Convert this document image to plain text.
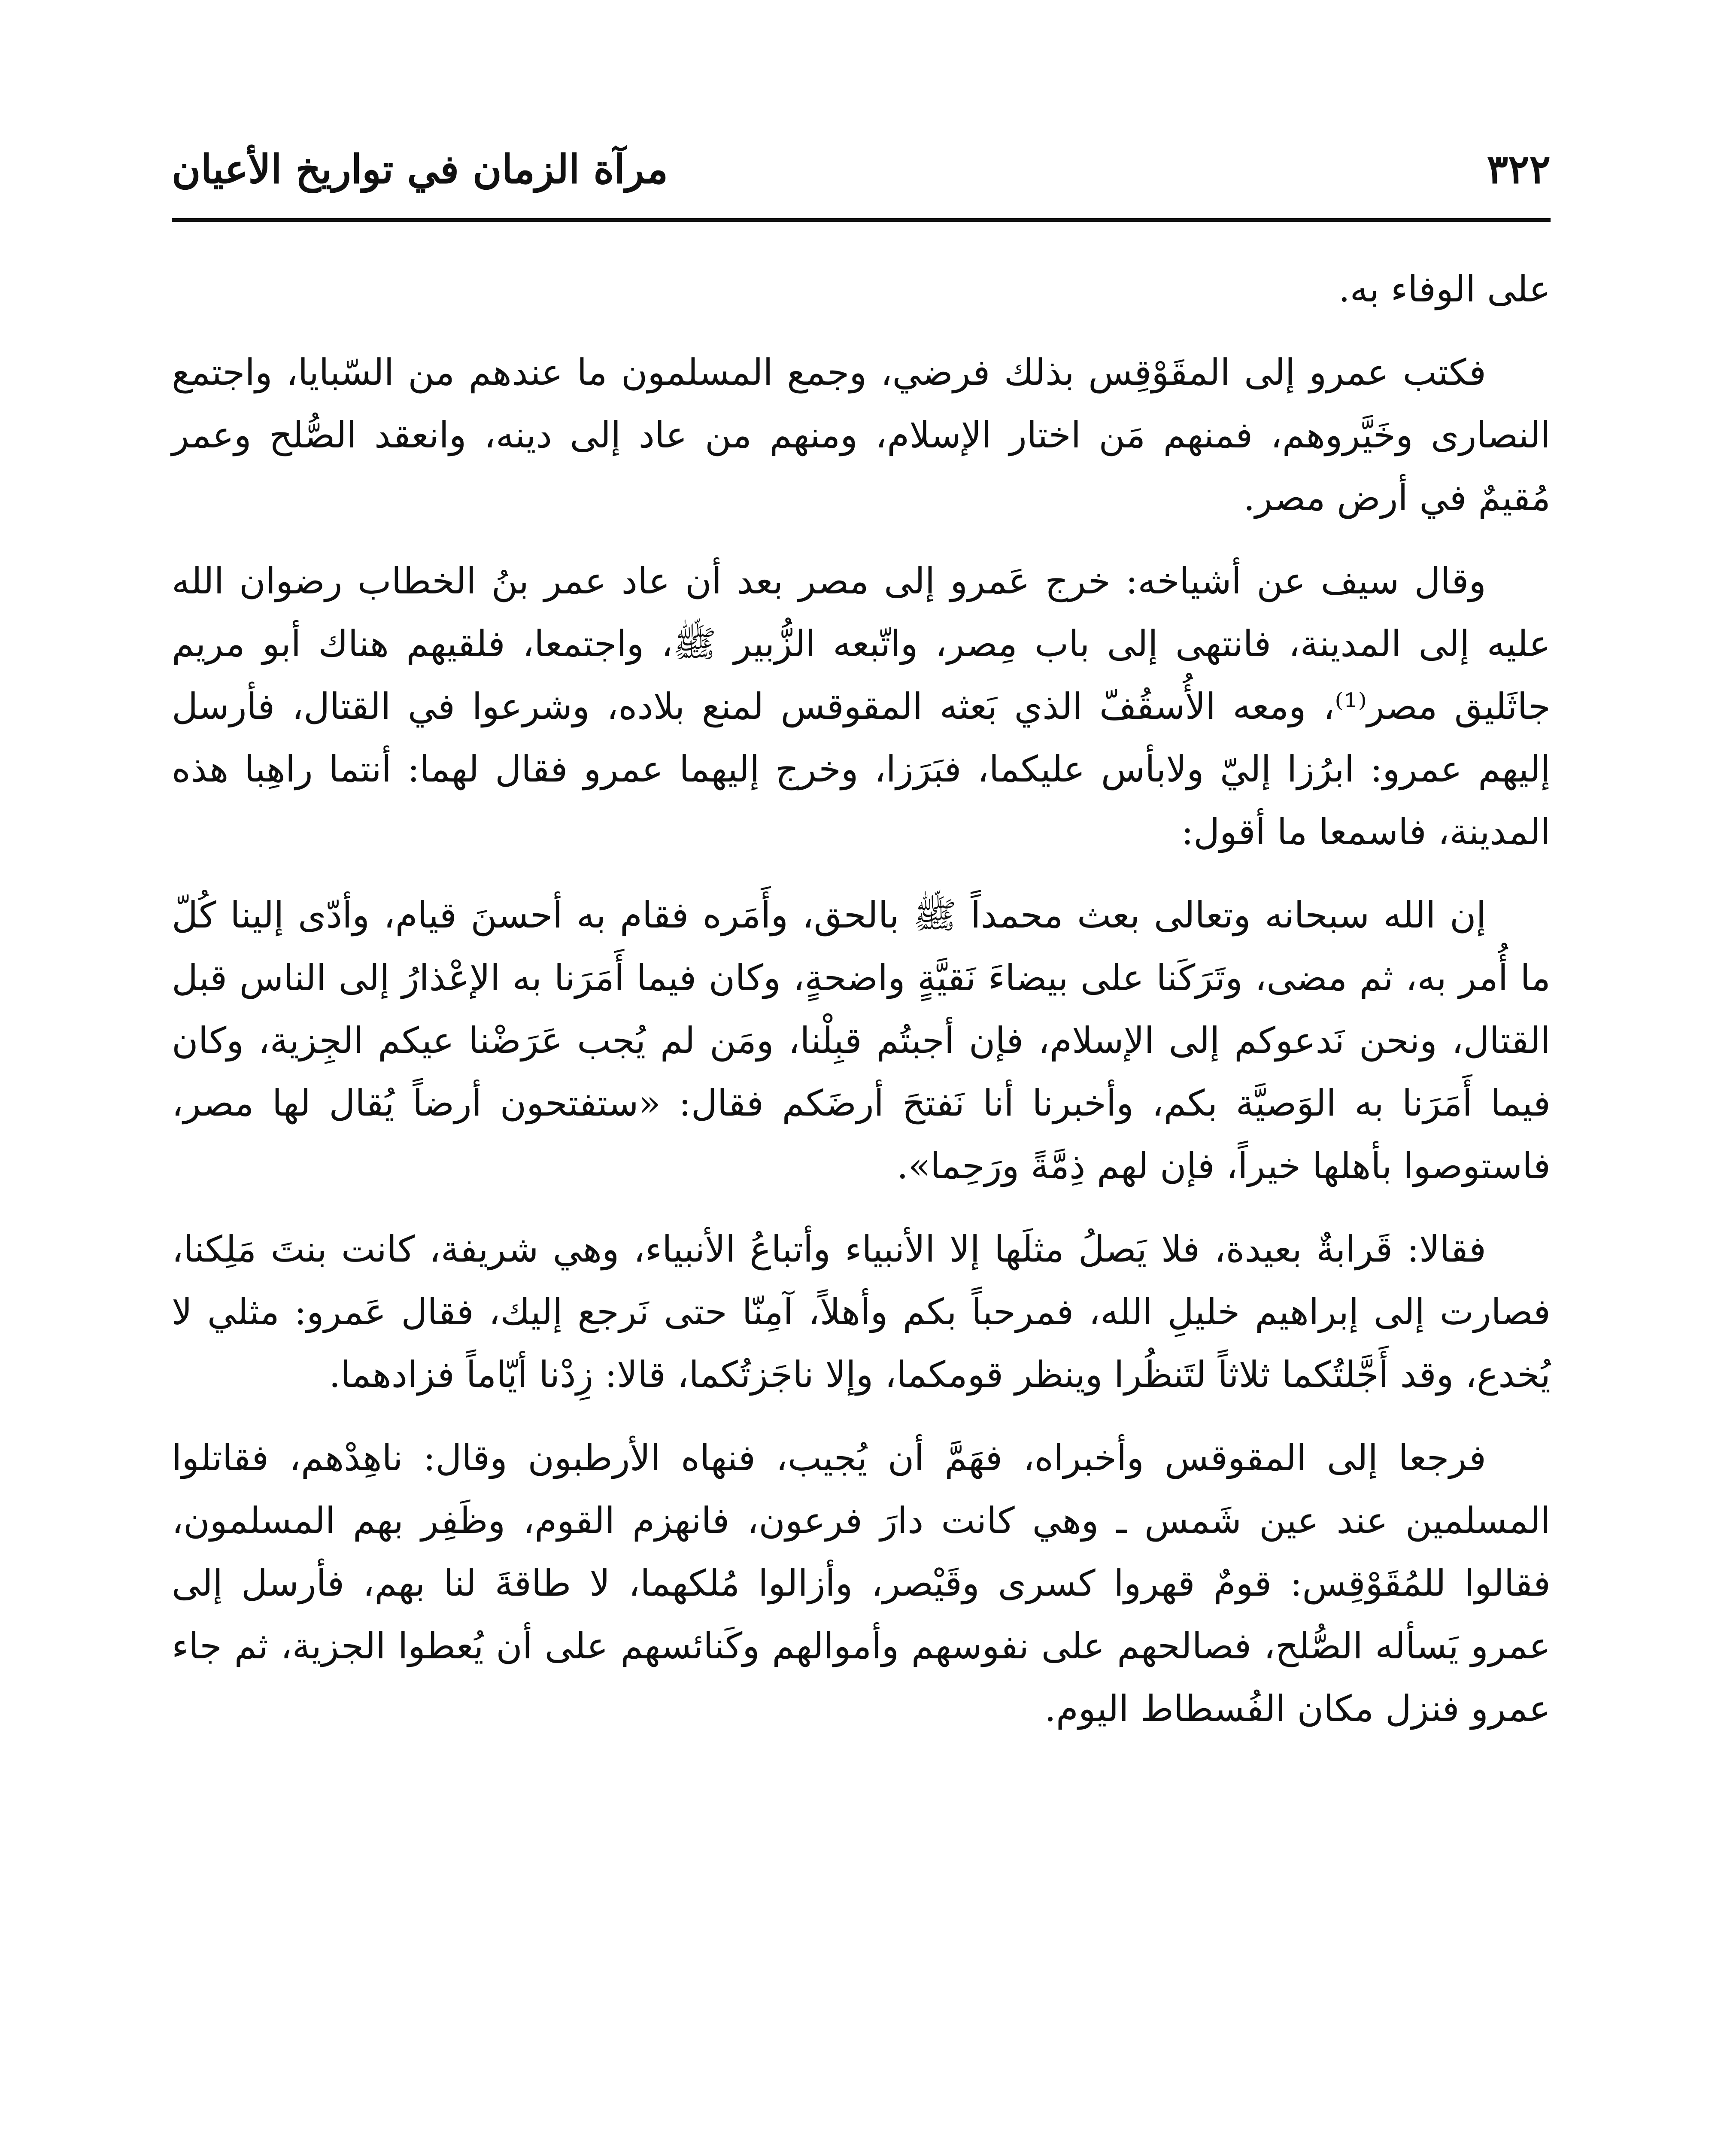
٣٢٢
مرآة الزمان في تواريخ الأعيان

على الوفاء به.

فكتب عمرو إلى المقَوْقِس بذلك فرضي، وجمع المسلمون ما عندهم من السّبايا، واجتمع النصارى وخَيَّروهم، فمنهم مَن اختار الإسلام، ومنهم من عاد إلى دينه، وانعقد الصُّلح وعمر مُقيمٌ في أرض مصر.

وقال سيف عن أشياخه: خرج عَمرو إلى مصر بعد أن عاد عمر بنُ الخطاب رضوان الله عليه إلى المدينة، فانتهى إلى باب مِصر، واتّبعه الزُّبير ﷺ، واجتمعا، فلقيهم هناك أبو مريم جاثَليق مصر⁽¹⁾، ومعه الأُسقُفّ الذي بَعثه المقوقس لمنع بلاده، وشرعوا في القتال، فأرسل إليهم عمرو: ابرُزا إليّ ولابأس عليكما، فبَرَزا، وخرج إليهما عمرو فقال لهما: أنتما راهِبا هذه المدينة، فاسمعا ما أقول:

إن الله سبحانه وتعالى بعث محمداً ﷺ بالحق، وأَمَره فقام به أحسنَ قيام، وأدّى إلينا كُلّ ما أُمر به، ثم مضى، وتَرَكَنا على بيضاءَ نَقيَّةٍ واضحةٍ، وكان فيما أَمَرَنا به الإعْذارُ إلى الناس قبل القتال، ونحن نَدعوكم إلى الإسلام، فإن أجبتُم قبِلْنا، ومَن لم يُجب عَرَضْنا عيكم الجِزية، وكان فيما أَمَرَنا به الوَصيَّة بكم، وأخبرنا أنا نَفتحَ أرضَكم فقال: «ستفتحون أرضاً يُقال لها مصر، فاستوصوا بأهلها خيراً، فإن لهم ذِمَّةً ورَحِما».

فقالا: قَرابةٌ بعيدة، فلا يَصلُ مثلَها إلا الأنبياء وأتباعُ الأنبياء، وهي شريفة، كانت بنتَ مَلِكنا، فصارت إلى إبراهيم خليلِ الله، فمرحباً بكم وأهلاً، آمِنّا حتى نَرجع إليك، فقال عَمرو: مثلي لا يُخدع، وقد أَجَّلتُكما ثلاثاً لتَنظُرا وينظر قومكما، وإلا ناجَزتُكما، قالا: زِدْنا أيّاماً فزادهما.

فرجعا إلى المقوقس وأخبراه، فهَمَّ أن يُجيب، فنهاه الأرطبون وقال: ناهِدْهم، فقاتلوا المسلمين عند عين شَمس ـ وهي كانت دارَ فرعون، فانهزم القوم، وظَفِر بهم المسلمون، فقالوا للمُقَوْقِس: قومٌ قهروا كسرى وقَيْصر، وأزالوا مُلكهما، لا طاقةَ لنا بهم، فأرسل إلى عمرو يَسأله الصُّلح، فصالحهم على نفوسهم وأموالهم وكَنائسهم على أن يُعطوا الجزية، ثم جاء عمرو فنزل مكان الفُسطاط اليوم.
